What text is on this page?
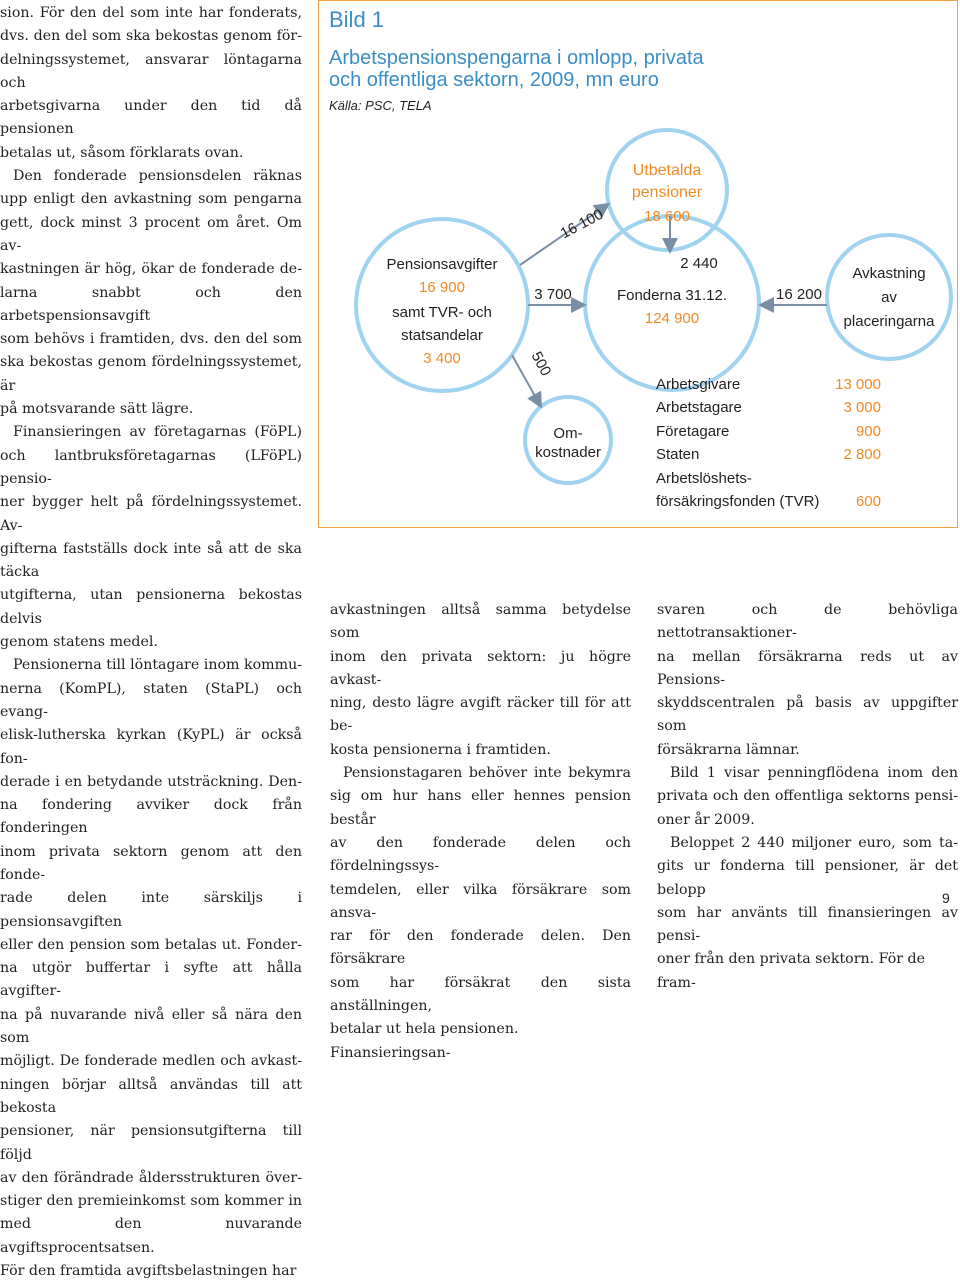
sion. För den del som inte har fonderats,
dvs. den del som ska bekostas genom för-
delningssystemet, ansvarar löntagarna och
arbetsgivarna under den tid då pensionen
betalas ut, såsom förklarats ovan.
Den fonderade pensionsdelen räknas
upp enligt den avkastning som pengarna
gett, dock minst 3 procent om året. Om av-
kastningen är hög, ökar de fonderade de-
larna snabbt och den arbetspensionsavgift
som behövs i framtiden, dvs. den del som
ska bekostas genom fördelningssystemet, är
på motsvarande sätt lägre.
Finansieringen av företagarnas (FöPL)
och lantbruksföretagarnas (LFöPL) pensio-
ner bygger helt på fördelningssystemet. Av-
gifterna fastställs dock inte så att de ska täcka
utgifterna, utan pensionerna bekostas delvis
genom statens medel.
Pensionerna till löntagare inom kommu-
nerna (KomPL), staten (StaPL) och evang-
elisk-lutherska kyrkan (KyPL) är också fon-
derade i en betydande utsträckning. Den-
na fondering avviker dock från fonderingen
inom privata sektorn genom att den fonde-
rade delen inte särskiljs i pensionsavgiften
eller den pension som betalas ut. Fonder-
na utgör buffertar i syfte att hålla avgifter-
na på nuvarande nivå eller så nära den som
möjligt. De fonderade medlen och avkast-
ningen börjar alltså användas till att bekosta
pensioner, när pensionsutgifterna till följd
av den förändrade åldersstrukturen över-
stiger den premieinkomst som kommer in
med den nuvarande avgiftsprocentsatsen.
För den framtida avgiftsbelastningen har
Bild 1
Arbetspensionspengarna i omlopp, privata
och offentliga sektorn, 2009, mn euro
Källa: PSC, TELA
Pensionsavgifter
16 900
samt TVR- och
statsandelar
3 400
Utbetalda
pensioner
18 600
Fonderna 31.12.
124 900
Om-
kostnader
Avkastning
av
placeringarna
16 100
3 700
500
2 440
16 200
Arbetsgivare	13 000
Arbetstagare	3 000
Företagare	900
Staten	2 800
Arbetslöshets-
försäkringsfonden (TVR) 600
avkastningen alltså samma betydelse som
inom den privata sektorn: ju högre avkast-
ning, desto lägre avgift räcker till för att be-
kosta pensionerna i framtiden.
Pensionstagaren behöver inte bekymra
sig om hur hans eller hennes pension består
av den fonderade delen och fördelningssys-
temdelen, eller vilka försäkrare som ansva-
rar för den fonderade delen. Den försäkrare
som har försäkrat den sista anställningen,
betalar ut hela pensionen. Finansieringsan-
svaren och de behövliga nettotransaktioner-
na mellan försäkrarna reds ut av Pensions-
skyddscentralen på basis av uppgifter som
försäkrarna lämnar.
Bild 1 visar penningflödena inom den
privata och den offentliga sektorns pensi-
oner år 2009.
Beloppet 2 440 miljoner euro, som ta-
gits ur fonderna till pensioner, är det belopp
som har använts till finansieringen av pensi-
oner från den privata sektorn. För de fram-
9
